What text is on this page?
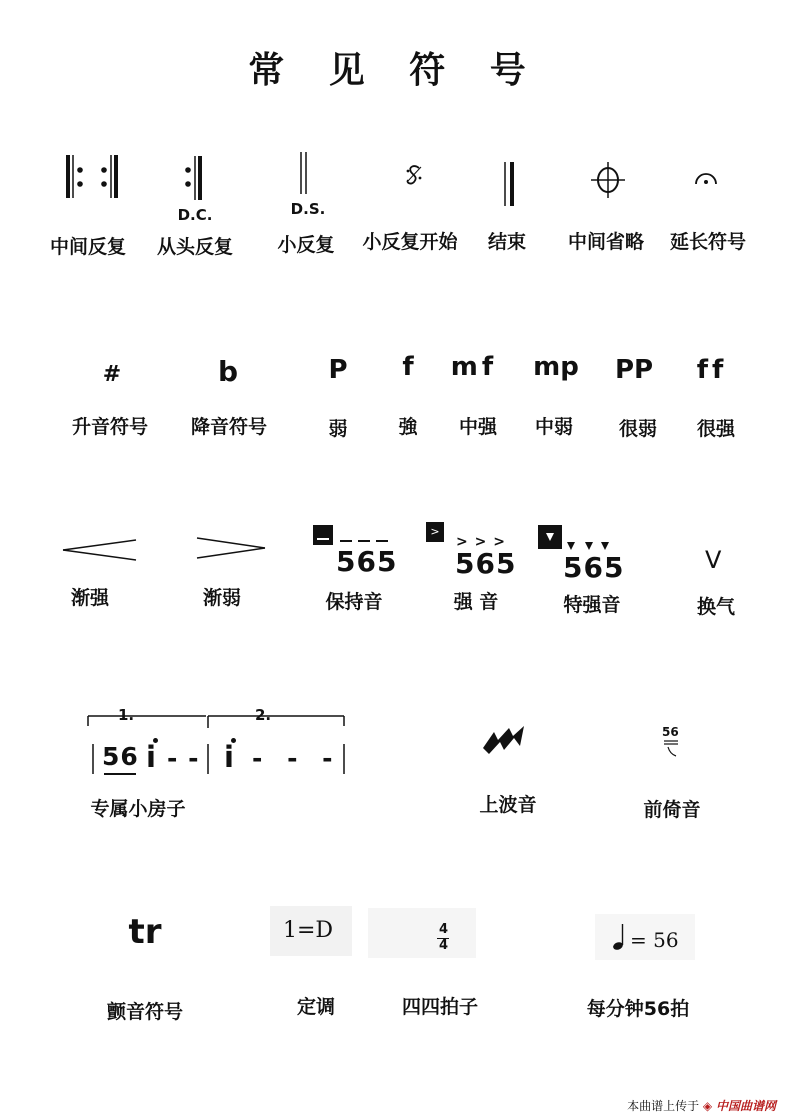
常 见 符 号
D.C.	D.S.
中间反复 从头反复 小反复 小反复开始 结束 中间省略 延长符号
#	b	P f mf mp PP ff
升音符号 降音符号	弱	強 中强 中弱 很弱 很强
565
>
> > >
565 565	V
渐强	渐弱	保持音	强 音	特强音	换气
1.	2.
56 i - - i - - -
56
专属小房子	上波音	前倚音
tr	1=D	4
4	= 56
颤音符号	定调	四四拍子	每分钟56拍
本曲谱上传于 ◈ 中国曲谱网
